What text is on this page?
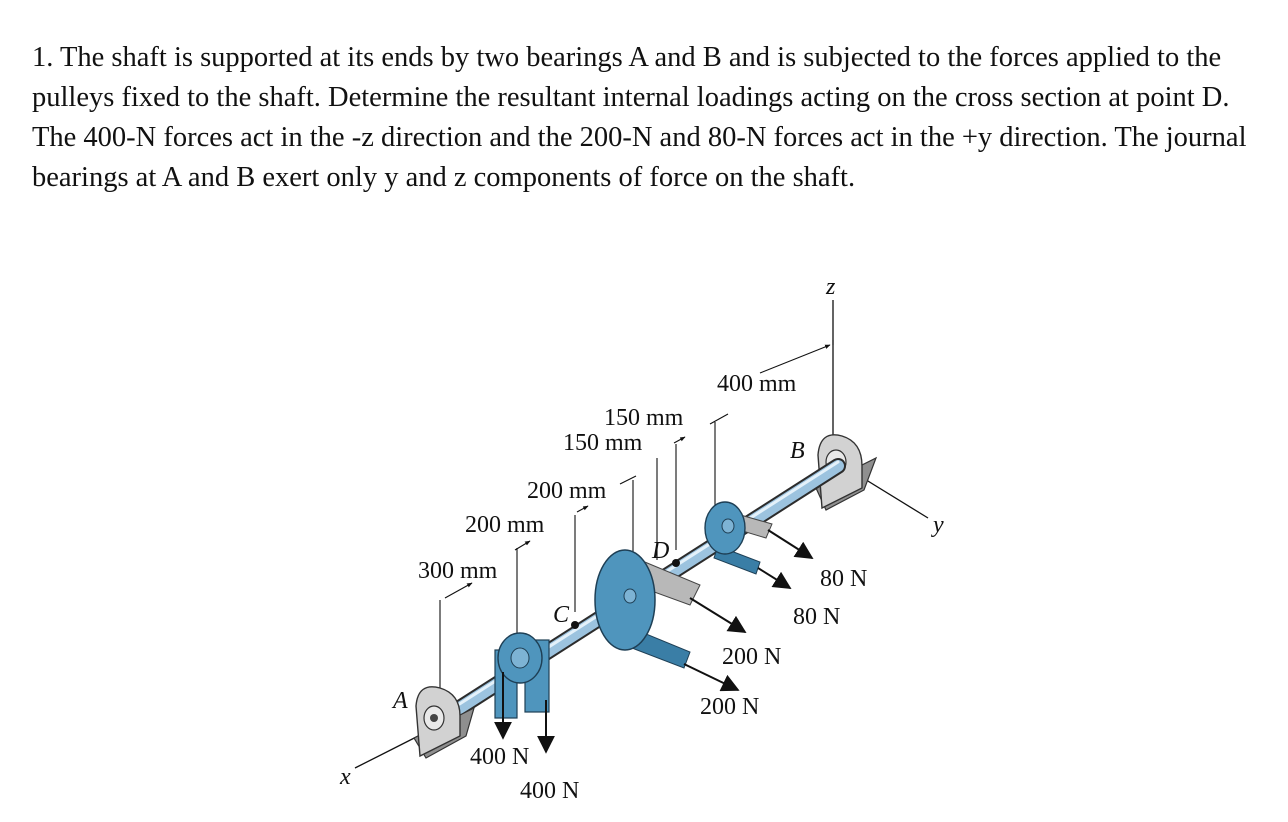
1. The shaft is supported at its ends by two bearings A and B and is subjected to the forces applied to the pulleys fixed to the shaft. Determine the resultant internal loadings acting on the cross section at point D. The 400-N forces act in the -z direction and the 200-N and 80-N forces act in the +y direction. The journal bearings at A and B exert only y and z components of force on the shaft.

z
y
x
A
B
C
D
300 mm
200 mm
200 mm
150 mm
150 mm
400 mm
400 N
400 N
200 N
200 N
80 N
80 N
